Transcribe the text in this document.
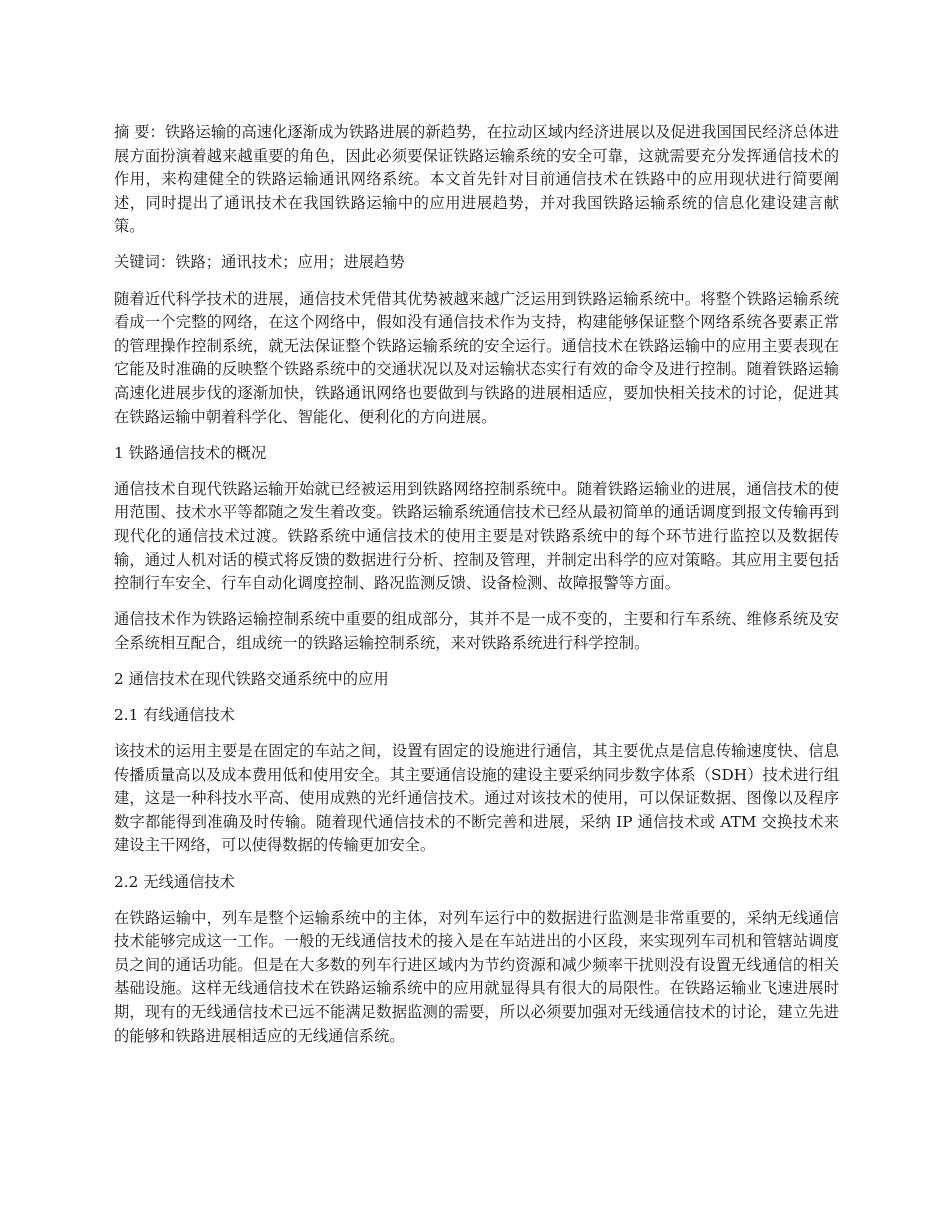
摘 要：铁路运输的高速化逐渐成为铁路进展的新趋势，在拉动区域内经济进展以及促进我国国民经济总体进展方面扮演着越来越重要的角色，因此必须要保证铁路运输系统的安全可靠，这就需要充分发挥通信技术的作用，来构建健全的铁路运输通讯网络系统。本文首先针对目前通信技术在铁路中的应用现状进行简要阐述，同时提出了通讯技术在我国铁路运输中的应用进展趋势，并对我国铁路运输系统的信息化建设建言献策。

关键词：铁路；通讯技术；应用；进展趋势

随着近代科学技术的进展，通信技术凭借其优势被越来越广泛运用到铁路运输系统中。将整个铁路运输系统看成一个完整的网络，在这个网络中，假如没有通信技术作为支持，构建能够保证整个网络系统各要素正常的管理操作控制系统，就无法保证整个铁路运输系统的安全运行。通信技术在铁路运输中的应用主要表现在它能及时准确的反映整个铁路系统中的交通状况以及对运输状态实行有效的命令及进行控制。随着铁路运输高速化进展步伐的逐渐加快，铁路通讯网络也要做到与铁路的进展相适应，要加快相关技术的讨论，促进其在铁路运输中朝着科学化、智能化、便利化的方向进展。

1 铁路通信技术的概况

通信技术自现代铁路运输开始就已经被运用到铁路网络控制系统中。随着铁路运输业的进展，通信技术的使用范围、技术水平等都随之发生着改变。铁路运输系统通信技术已经从最初简单的通话调度到报文传输再到现代化的通信技术过渡。铁路系统中通信技术的使用主要是对铁路系统中的每个环节进行监控以及数据传输，通过人机对话的模式将反馈的数据进行分析、控制及管理，并制定出科学的应对策略。其应用主要包括控制行车安全、行车自动化调度控制、路况监测反馈、设备检测、故障报警等方面。

通信技术作为铁路运输控制系统中重要的组成部分，其并不是一成不变的，主要和行车系统、维修系统及安全系统相互配合，组成统一的铁路运输控制系统，来对铁路系统进行科学控制。

2 通信技术在现代铁路交通系统中的应用

2.1 有线通信技术

该技术的运用主要是在固定的车站之间，设置有固定的设施进行通信，其主要优点是信息传输速度快、信息传播质量高以及成本费用低和使用安全。其主要通信设施的建设主要采纳同步数字体系（SDH）技术进行组建，这是一种科技水平高、使用成熟的光纤通信技术。通过对该技术的使用，可以保证数据、图像以及程序数字都能得到准确及时传输。随着现代通信技术的不断完善和进展，采纳 IP 通信技术或 ATM 交换技术来建设主干网络，可以使得数据的传输更加安全。

2.2 无线通信技术

在铁路运输中，列车是整个运输系统中的主体，对列车运行中的数据进行监测是非常重要的，采纳无线通信技术能够完成这一工作。一般的无线通信技术的接入是在车站进出的小区段，来实现列车司机和管辖站调度员之间的通话功能。但是在大多数的列车行进区域内为节约资源和减少频率干扰则没有设置无线通信的相关基础设施。这样无线通信技术在铁路运输系统中的应用就显得具有很大的局限性。在铁路运输业飞速进展时期，现有的无线通信技术已远不能满足数据监测的需要，所以必须要加强对无线通信技术的讨论，建立先进的能够和铁路进展相适应的无线通信系统。
